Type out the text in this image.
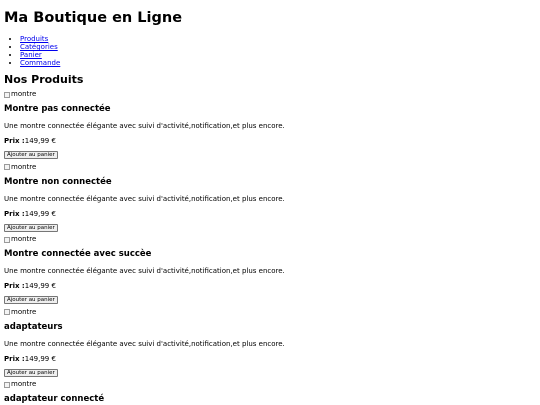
Ma Boutique en Ligne
• Produits
• Catégories
• Panier
• Commande
Nos Produits
montre
Montre pas connectée

Une montre connectée élégante avec suivi d'activité,notification,et plus encore.

Prix :149,99 €

Ajouter au panier
montre
Montre non connectée

Une montre connectée élégante avec suivi d'activité,notification,et plus encore.

Prix :149,99 €

Ajouter au panier
montre
Montre connectée avec succèe

Une montre connectée élégante avec suivi d'activité,notification,et plus encore.

Prix :149,99 €

Ajouter au panier
montre
adaptateurs

Une montre connectée élégante avec suivi d'activité,notification,et plus encore.

Prix :149,99 €

Ajouter au panier
montre
adaptateur connecté
